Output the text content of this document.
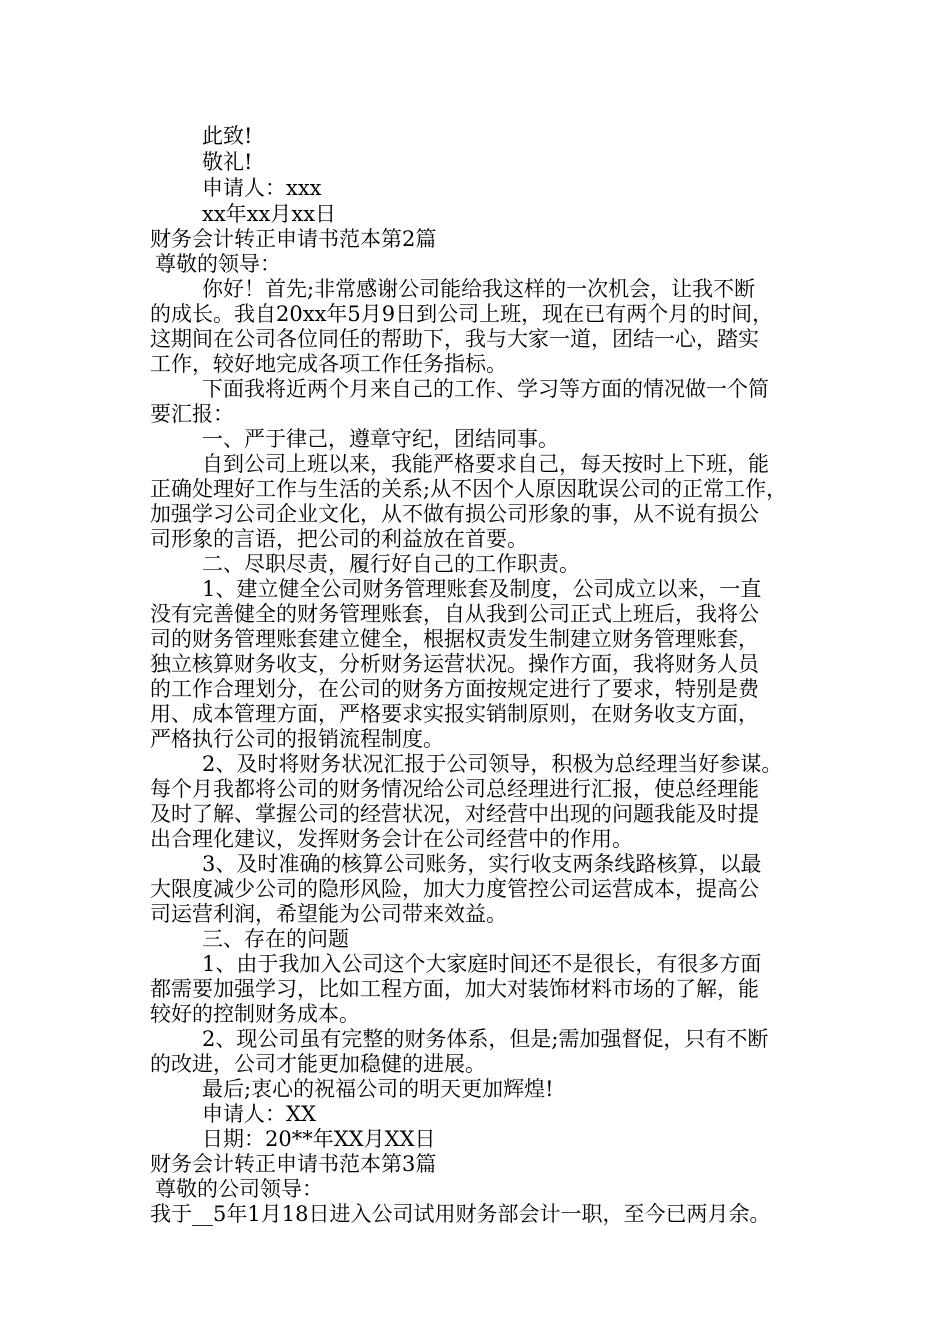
此致!
敬礼!
申请人：xxx
xx年xx月xx日
财务会计转正申请书范本第2篇
尊敬的领导：
你好！首先;非常感谢公司能给我这样的一次机会，让我不断
的成长。我自20xx年5月9日到公司上班，现在已有两个月的时间，
这期间在公司各位同任的帮助下，我与大家一道，团结一心，踏实
工作，较好地完成各项工作任务指标。
下面我将近两个月来自己的工作、学习等方面的情况做一个简
要汇报：
一、严于律己，遵章守纪，团结同事。
自到公司上班以来，我能严格要求自己，每天按时上下班，能
正确处理好工作与生活的关系;从不因个人原因耽误公司的正常工作，
加强学习公司企业文化，从不做有损公司形象的事，从不说有损公
司形象的言语，把公司的利益放在首要。
二、尽职尽责，履行好自己的工作职责。
1、建立健全公司财务管理账套及制度，公司成立以来，一直
没有完善健全的财务管理账套，自从我到公司正式上班后，我将公
司的财务管理账套建立健全，根据权责发生制建立财务管理账套，
独立核算财务收支，分析财务运营状况。操作方面，我将财务人员
的工作合理划分，在公司的财务方面按规定进行了要求，特别是费
用、成本管理方面，严格要求实报实销制原则，在财务收支方面，
严格执行公司的报销流程制度。
2、及时将财务状况汇报于公司领导，积极为总经理当好参谋。
每个月我都将公司的财务情况给公司总经理进行汇报，使总经理能
及时了解、掌握公司的经营状况，对经营中出现的问题我能及时提
出合理化建议，发挥财务会计在公司经营中的作用。
3、及时准确的核算公司账务，实行收支两条线路核算，以最
大限度减少公司的隐形风险，加大力度管控公司运营成本，提高公
司运营利润，希望能为公司带来效益。
三、存在的问题
1、由于我加入公司这个大家庭时间还不是很长，有很多方面
都需要加强学习，比如工程方面，加大对装饰材料市场的了解，能
较好的控制财务成本。
2、现公司虽有完整的财务体系，但是;需加强督促，只有不断
的改进，公司才能更加稳健的进展。
最后;衷心的祝福公司的明天更加辉煌!
申请人：XX
日期：20**年XX月XX日
财务会计转正申请书范本第3篇
尊敬的公司领导：
我于__5年1月18日进入公司试用财务部会计一职，至今已两月余。
